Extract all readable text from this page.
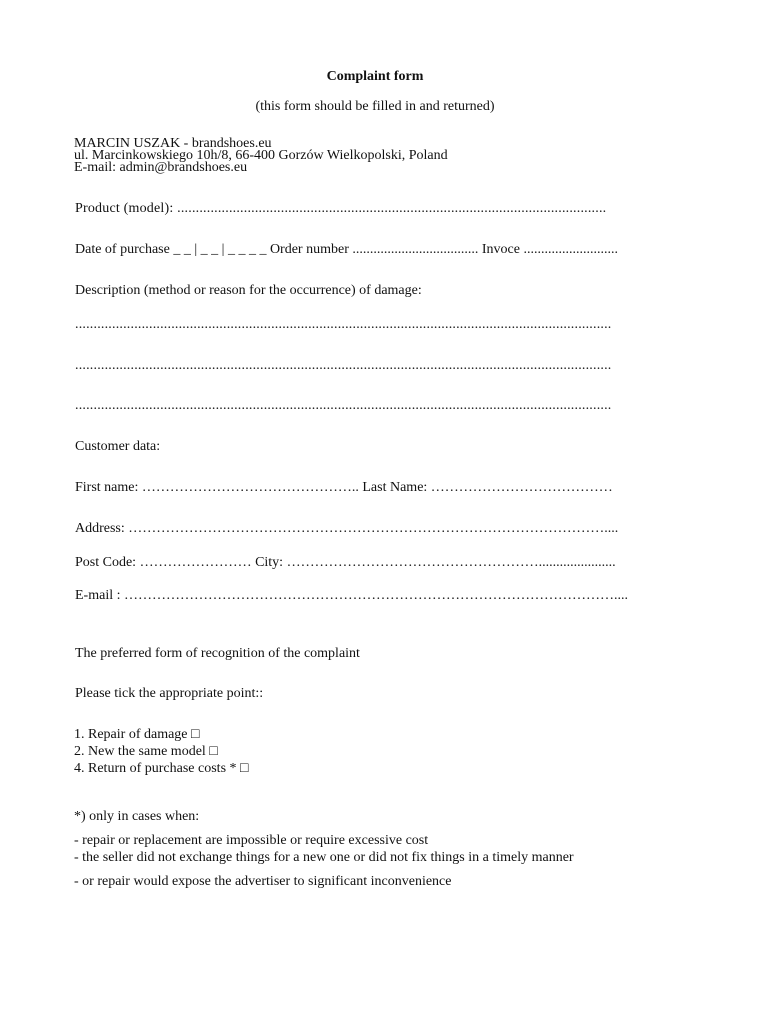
Complaint form
(this form should be filled in and returned)
MARCIN USZAK - brandshoes.eu
ul. Marcinkowskiego 10h/8, 66-400 Gorzów Wielkopolski, Poland
E-mail: admin@brandshoes.eu
Product (model): ....................................................................................................................
Date of purchase _ _ | _ _ | _ _ _ _ Order number .................................... Invoce ...........................
Description (method or reason for the occurrence) of damage:
.................................................................................................................................................
.................................................................................................................................................
.................................................................................................................................................
Customer data:
First name: ……………………………………….. Last Name: …………………………………
Address: …………………………………………………………………………………………....
Post Code: …………………… City: ………………………………………………......................
E-mail : ……………………………………………………………………………………………....
The preferred form of recognition of the complaint
Please tick the appropriate point::
1. Repair of damage □
2. New the same model □
4. Return of purchase costs * □
*) only in cases when:
- repair or replacement are impossible or require excessive cost
- the seller did not exchange things for a new one or did not fix things in a timely manner
- or repair would expose the advertiser to significant inconvenience
